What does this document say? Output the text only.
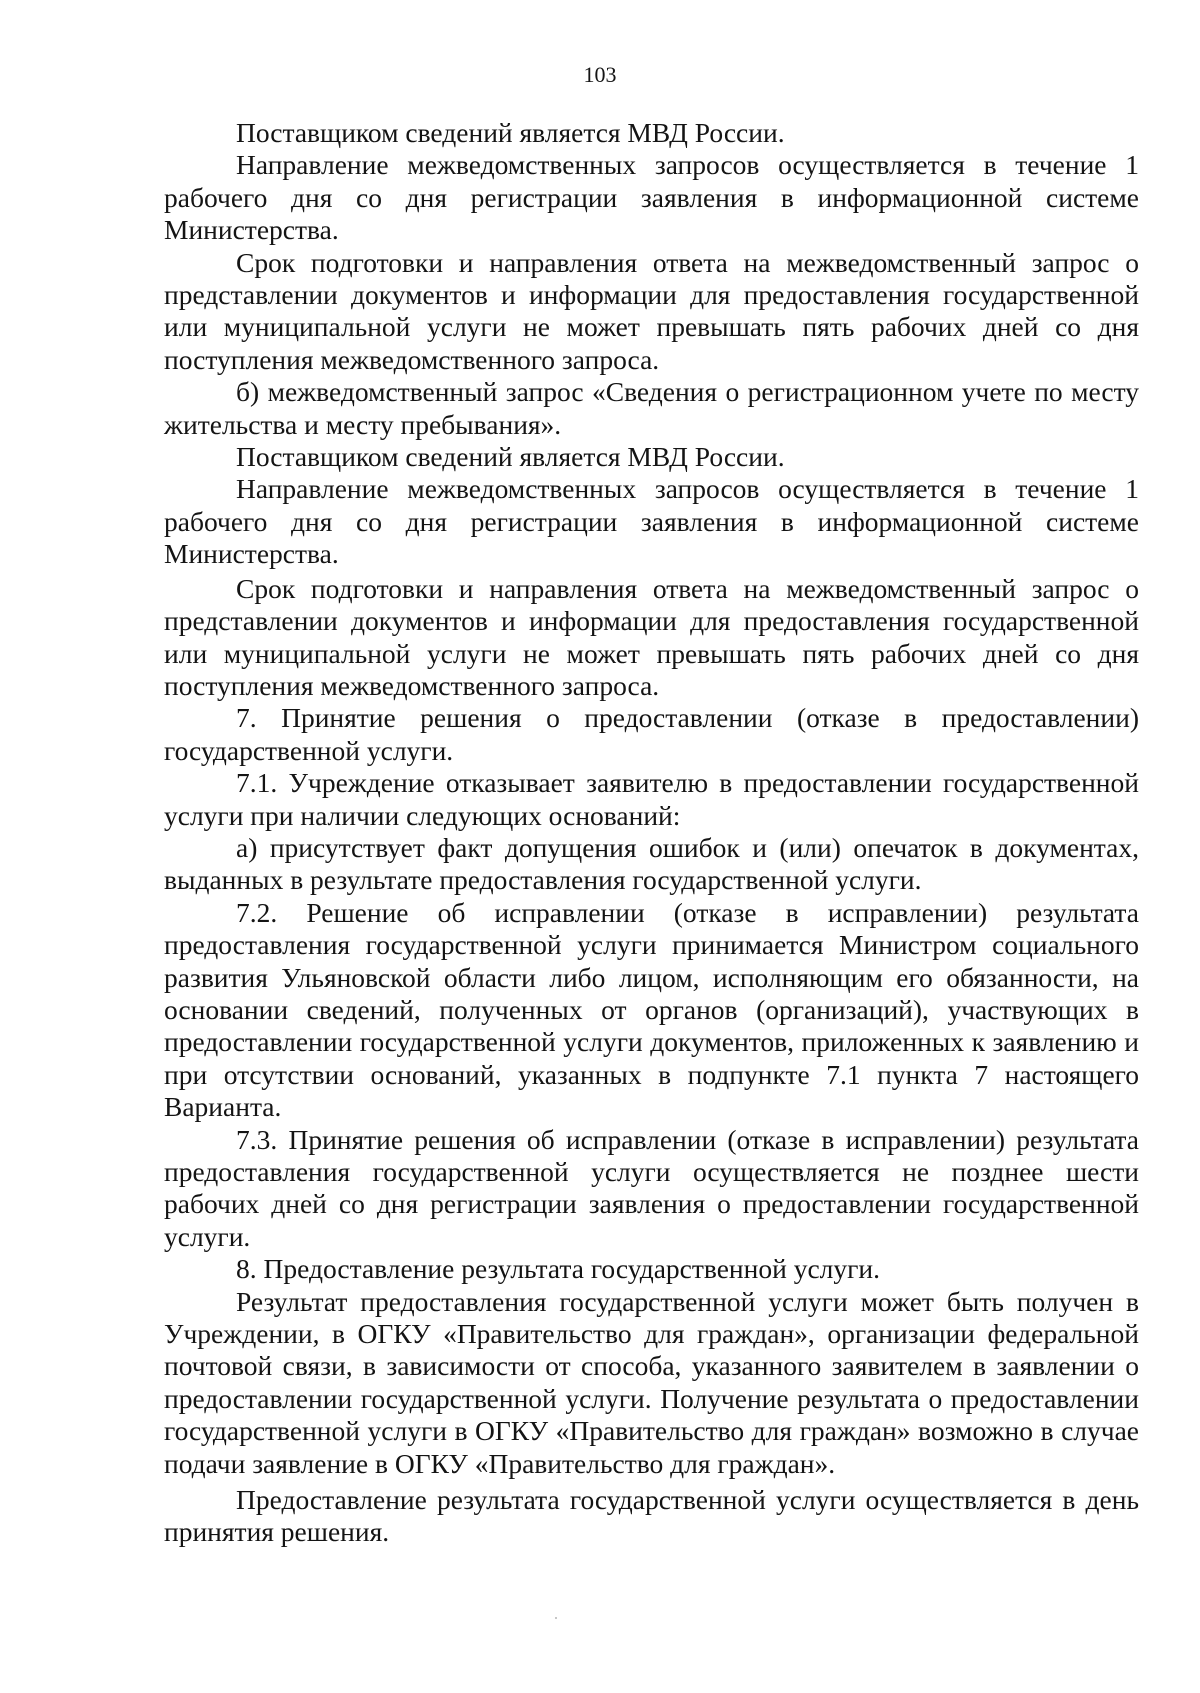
103

Поставщиком сведений является МВД России.

Направление межведомственных запросов осуществляется в течение 1 рабочего дня со дня регистрации заявления в информационной системе Министерства.

Срок подготовки и направления ответа на межведомственный запрос о представлении документов и информации для предоставления государственной или муниципальной услуги не может превышать пять рабочих дней со дня поступления межведомственного запроса.

б) межведомственный запрос «Сведения о регистрационном учете по месту жительства и месту пребывания».

Поставщиком сведений является МВД России.

Направление межведомственных запросов осуществляется в течение 1 рабочего дня со дня регистрации заявления в информационной системе Министерства.

Срок подготовки и направления ответа на межведомственный запрос о представлении документов и информации для предоставления государственной или муниципальной услуги не может превышать пять рабочих дней со дня поступления межведомственного запроса.

7. Принятие решения о предоставлении (отказе в предоставлении) государственной услуги.

7.1. Учреждение отказывает заявителю в предоставлении государственной услуги при наличии следующих оснований:

а) присутствует факт допущения ошибок и (или) опечаток в документах, выданных в результате предоставления государственной услуги.

7.2. Решение об исправлении (отказе в исправлении) результата предоставления государственной услуги принимается Министром социального развития Ульяновской области либо лицом, исполняющим его обязанности, на основании сведений, полученных от органов (организаций), участвующих в предоставлении государственной услуги документов, приложенных к заявлению и при отсутствии оснований, указанных в подпункте 7.1 пункта 7 настоящего Варианта.

7.3. Принятие решения об исправлении (отказе в исправлении) результата предоставления государственной услуги осуществляется не позднее шести рабочих дней со дня регистрации заявления о предоставлении государственной услуги.

8. Предоставление результата государственной услуги.

Результат предоставления государственной услуги может быть получен в Учреждении, в ОГКУ «Правительство для граждан», организации федеральной почтовой связи, в зависимости от способа, указанного заявителем в заявлении о предоставлении государственной услуги. Получение результата о предоставлении государственной услуги в ОГКУ «Правительство для граждан» возможно в случае подачи заявление в ОГКУ «Правительство для граждан».

Предоставление результата государственной услуги осуществляется в день принятия решения.
